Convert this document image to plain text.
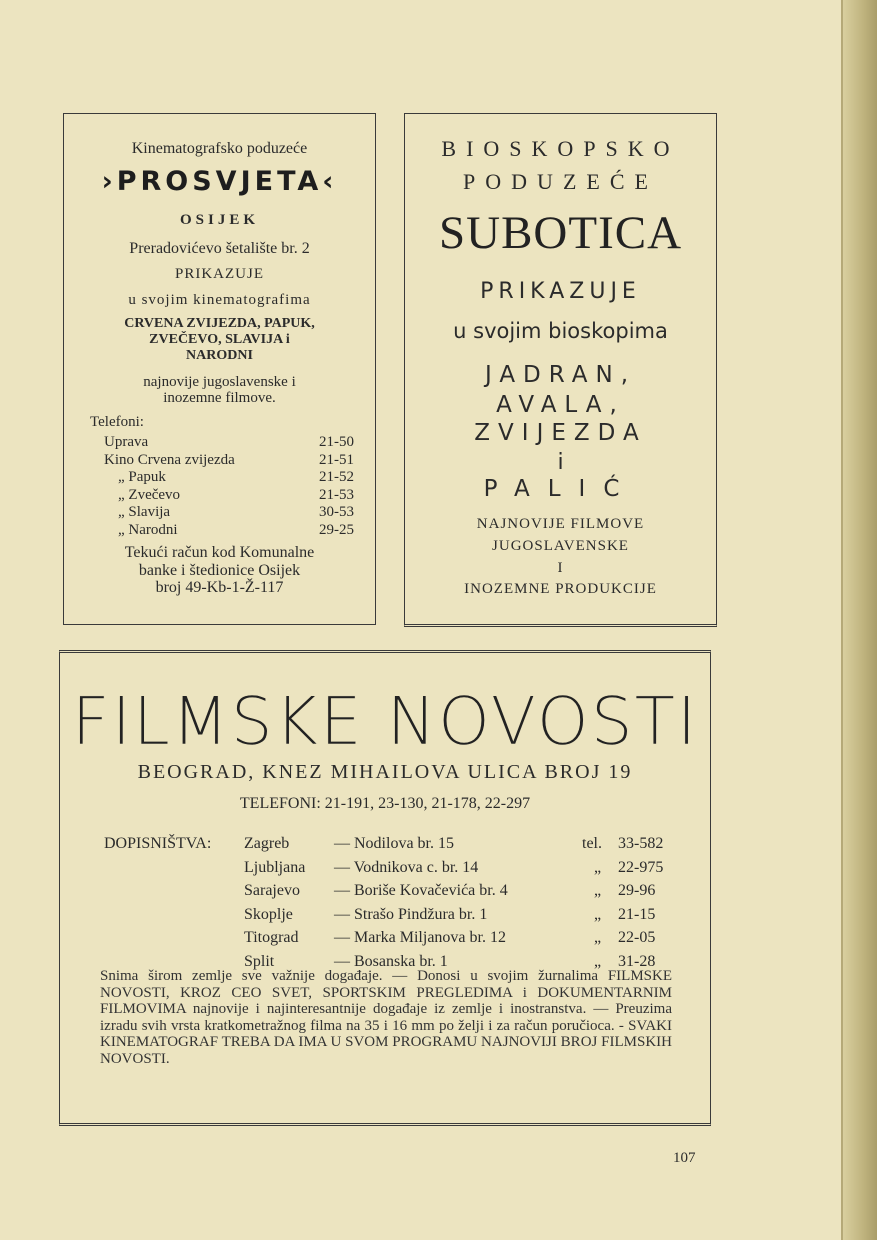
Kinematografsko poduzeće
›PROSVJETA‹
OSIJEK
Preradovićevo šetalište br. 2
PRIKAZUJE
u svojim kinematografima
CRVENA ZVIJEZDA, PAPUK,
ZVEČEVO, SLAVIJA i
NARODNI
najnovije jugoslavenske i
inozemne filmove.
Telefoni:
Uprava	21-50
Kino Crvena zvijezda	21-51
„ Papuk	21-52
„ Zvečevo	21-53
„ Slavija	30-53
„ Narodni	29-25
Tekući račun kod Komunalne
banke i štedionice Osijek
broj 49-Kb-1-Ž-117
BIOSKOPSKO
PODUZEĆE
SUBOTICA
PRIKAZUJE
u svojim bioskopima
JADRAN,
AVALA,
ZVIJEZDA
i
PALIĆ
NAJNOVIJE FILMOVE
JUGOSLAVENSKE
I
INOZEMNE PRODUKCIJE
FILMSKE NOVOSTI
BEOGRAD, KNEZ MIHAILOVA ULICA BROJ 19
TELEFONI: 21-191, 23-130, 21-178, 22-297
DOPISNIŠTVA: Zagreb	— Nodilova br. 15	tel. 33-582
Ljubljana — Vodnikova c. br. 14	„ 22-975
Sarajevo — Boriše Kovačevića br. 4	„ 29-96
Skoplje	— Strašo Pindžura br. 1	„ 21-15
Titograd — Marka Miljanova br. 12	„ 22-05
Split	— Bosanska br. 1	„ 31-28
Snima širom zemlje sve važnije događaje. — Donosi u svojim žurnalima FILMSKE NOVOSTI, KROZ CEO SVET, SPORTSKIM PREGLEDIMA i DOKUMENTARNIM FILMOVIMA najnovije i najinteresantnije događaje iz zemlje i inostranstva. — Preuzima izradu svih vrsta kratkometražnog filma na 35 i 16 mm po želji i za račun poručioca. - SVAKI KINEMATOGRAF TREBA DA IMA U SVOM PROGRAMU NAJNOVIJI BROJ FILMSKIH NOVOSTI.
107
